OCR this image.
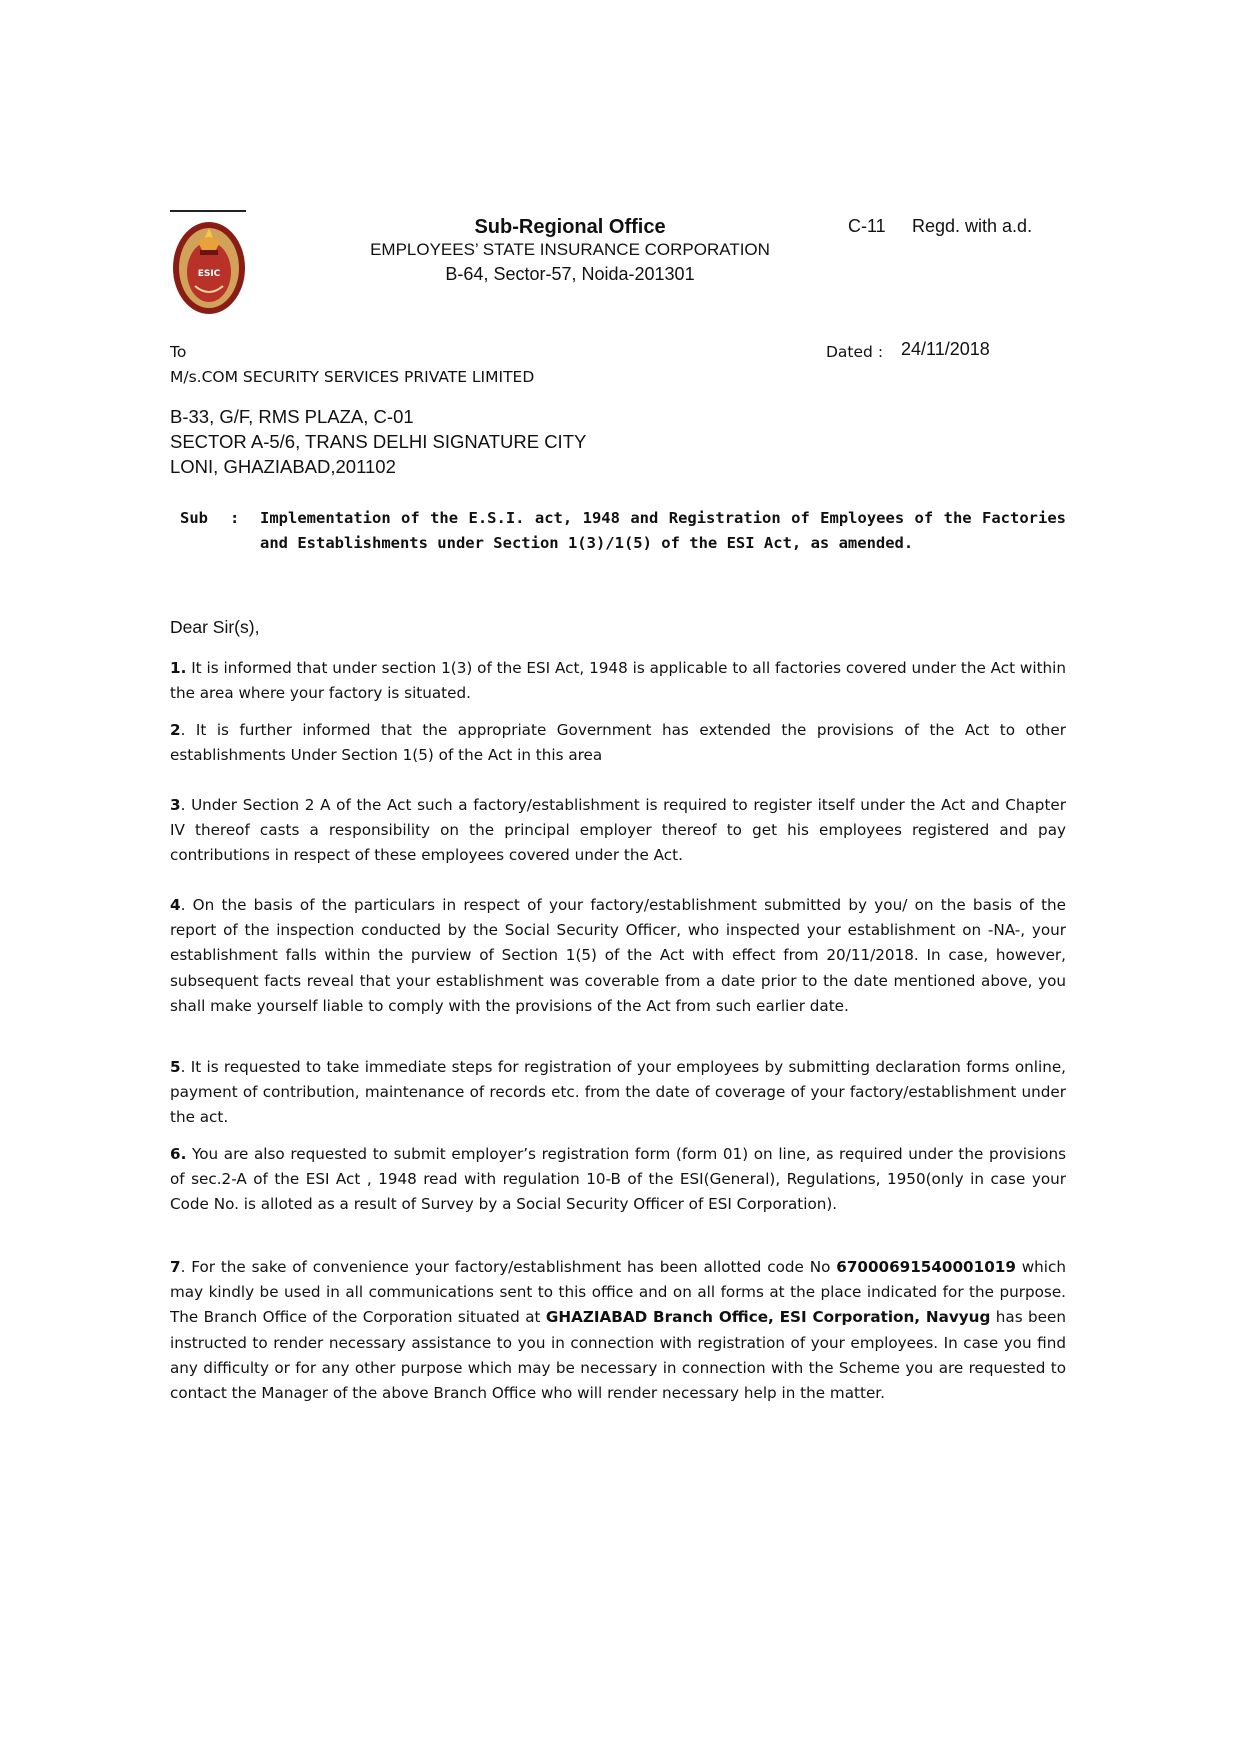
ESIC
Sub-Regional Office
EMPLOYEES’ STATE INSURANCE CORPORATION
B-64, Sector-57, Noida-201301
C-11 Regd. with a.d.
To	Dated : 24/11/2018
M/s.COM SECURITY SERVICES PRIVATE LIMITED
B-33, G/F, RMS PLAZA, C-01
SECTOR A-5/6, TRANS DELHI SIGNATURE CITY
LONI, GHAZIABAD,201102
Sub	:	Implementation of the E.S.I. act, 1948 and Registration of Employees of the Factories and Establishments under Section 1(3)/1(5) of the ESI Act, as amended.
Dear Sir(s),
1. It is informed that under section 1(3) of the ESI Act, 1948 is applicable to all factories covered under the Act within the area where your factory is situated.
2. It is further informed that the appropriate Government has extended the provisions of the Act to other establishments Under Section 1(5) of the Act in this area
3. Under Section 2 A of the Act such a factory/establishment is required to register itself under the Act and Chapter IV thereof casts a responsibility on the principal employer thereof to get his employees registered and pay contributions in respect of these employees covered under the Act.
4. On the basis of the particulars in respect of your factory/establishment submitted by you/ on the basis of the report of the inspection conducted by the Social Security Officer, who inspected your establishment on -NA-, your establishment falls within the purview of Section 1(5) of the Act with effect from 20/11/2018. In case, however, subsequent facts reveal that your establishment was coverable from a date prior to the date mentioned above, you shall make yourself liable to comply with the provisions of the Act from such earlier date.
5. It is requested to take immediate steps for registration of your employees by submitting declaration forms online, payment of contribution, maintenance of records etc. from the date of coverage of your factory/establishment under the act.
6. You are also requested to submit employer’s registration form (form 01) on line, as required under the provisions of sec.2-A of the ESI Act , 1948 read with regulation 10-B of the ESI(General), Regulations, 1950(only in case your Code No. is alloted as a result of Survey by a Social Security Officer of ESI Corporation).
7. For the sake of convenience your factory/establishment has been allotted code No 67000691540001019 which may kindly be used in all communications sent to this office and on all forms at the place indicated for the purpose. The Branch Office of the Corporation situated at GHAZIABAD Branch Office, ESI Corporation, Navyug has been instructed to render necessary assistance to you in connection with registration of your employees. In case you find any difficulty or for any other purpose which may be necessary in connection with the Scheme you are requested to contact the Manager of the above Branch Office who will render necessary help in the matter.
